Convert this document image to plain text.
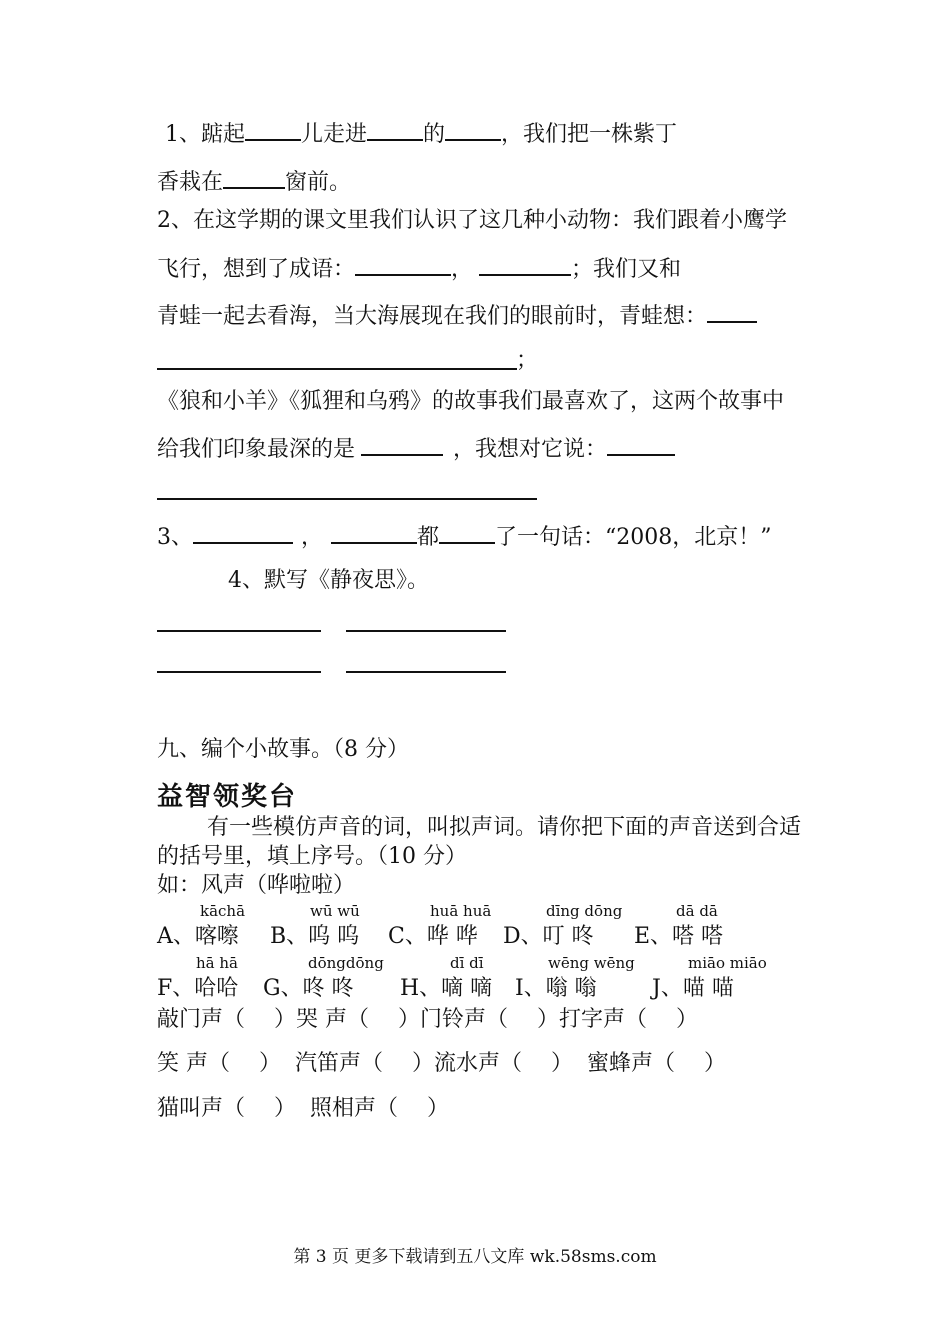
1、踮起	儿走进	的	，我们把一株紫丁
香栽在	窗前。
2、在这学期的课文里我们认识了这几种小动物：我们跟着小鹰学
飞行，想到了成语：	，	；我们又和
青蛙一起去看海，当大海展现在我们的眼前时，青蛙想：
；
《狼和小羊》《狐狸和乌鸦》的故事我们最喜欢了，这两个故事中
给我们印象最深的是	，我想对它说：
3、	，	都	了一句话：“2008，北京！”
4、默写《静夜思》。
九、编个小故事。（8 分）
益智领奖台
有一些模仿声音的词，叫拟声词。请你把下面的声音送到合适
的括号里，填上序号。（10 分）
如：风声（哗啦啦）
kāchā	wū wū	huā huā	dīng dōng	dā dā
A、喀嚓 B、呜 呜 C、哗 哗 D、叮 咚 E、嗒 嗒
hā hā	dōngdōng	dī dī	wēng wēng	miāo miāo
F、哈哈 G、咚 咚 H、嘀 嘀 I、嗡 嗡	J、喵 喵
敲门声（　 ）哭 声（　 ）门铃声（　 ）打字声（　 ）
笑 声（　 ）  汽笛声（　 ）流水声（　 ）  蜜蜂声（　 ）
猫叫声（　 ）  照相声（　 ）
第 3 页 更多下载请到五八文库 wk.58sms.com
